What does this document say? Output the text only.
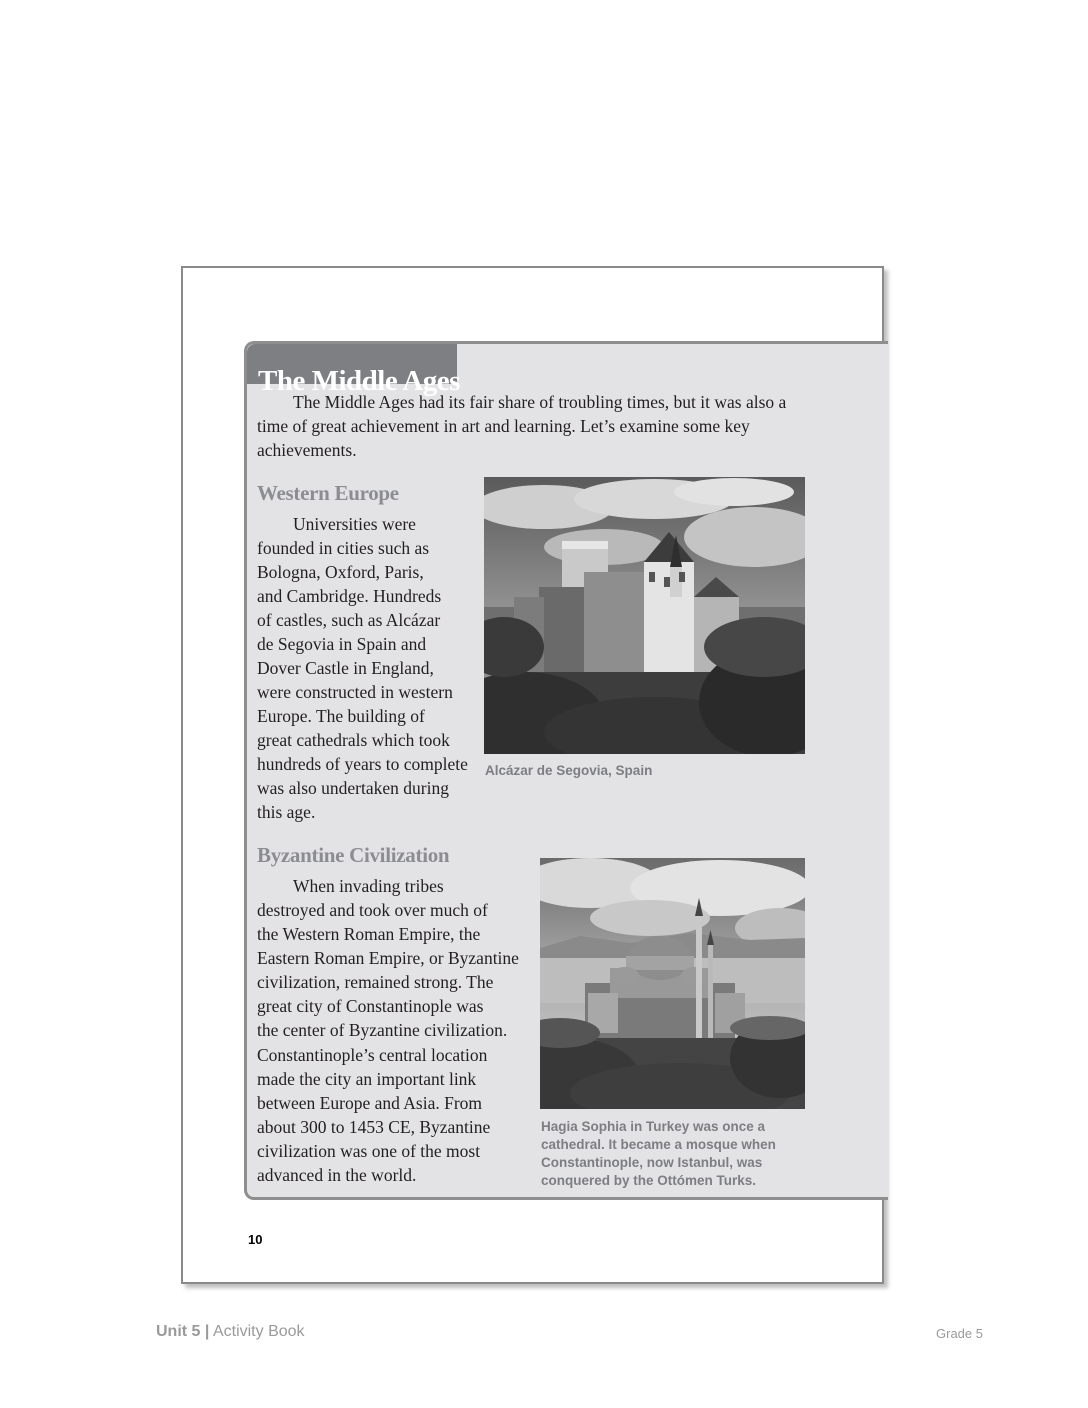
The Middle Ages

The Middle Ages had its fair share of troubling times, but it was also a time of great achievement in art and learning. Let’s examine some key achievements.

Western Europe

Universities were

founded in cities such as

Bologna, Oxford, Paris,

and Cambridge. Hundreds

of castles, such as Alcázar

de Segovia in Spain and

Dover Castle in England,

were constructed in western

Europe. The building of

great cathedrals which took

hundreds of years to complete

was also undertaken during

this age.

Alcázar de Segovia, Spain

Byzantine Civilization

When invading tribes

destroyed and took over much of

the Western Roman Empire, the

Eastern Roman Empire, or Byzantine

civilization, remained strong. The

great city of Constantinople was

the center of Byzantine civilization.

Constantinople’s central location

made the city an important link

between Europe and Asia. From

about 300 to 1453 CE, Byzantine

civilization was one of the most

advanced in the world.

Hagia Sophia in Turkey was once a

cathedral. It became a mosque when

Constantinople, now Istanbul, was

conquered by the Ottómen Turks.

10
Unit 5 | Activity Book	Grade 5
